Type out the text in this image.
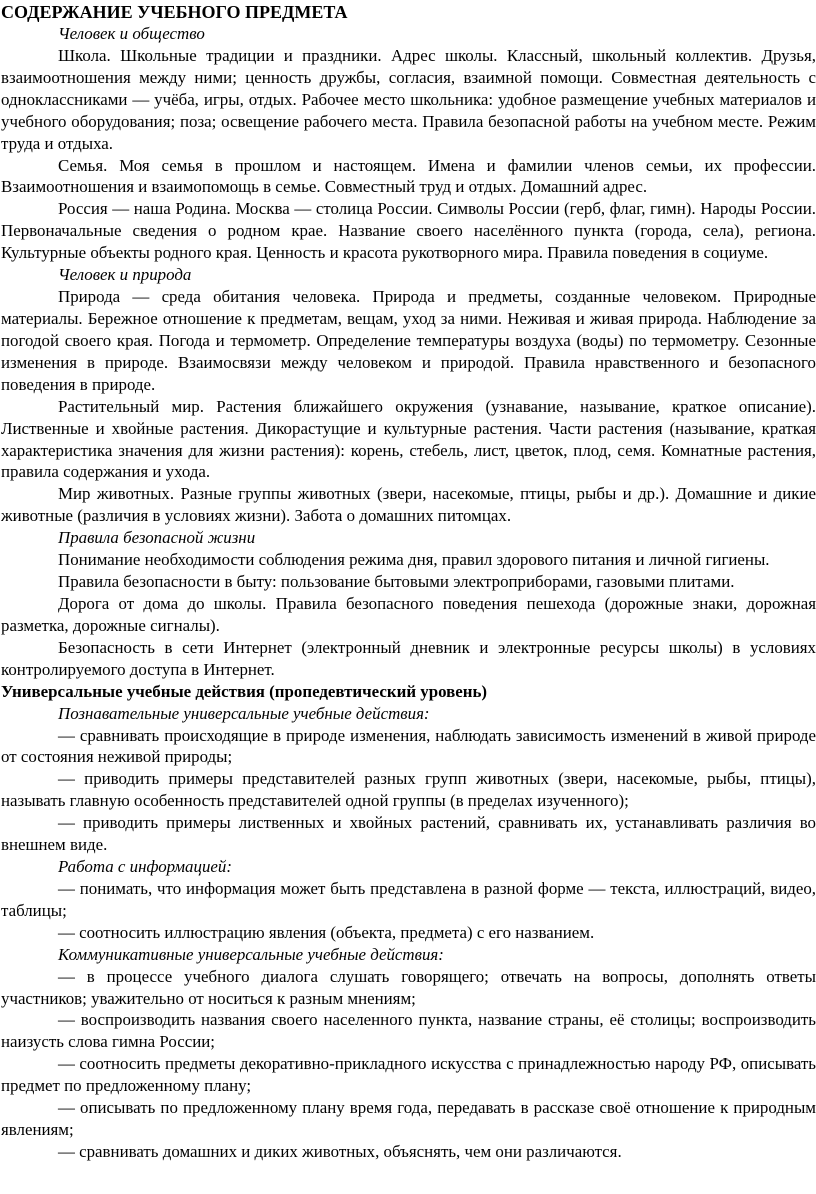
СОДЕРЖАНИЕ УЧЕБНОГО ПРЕДМЕТА

Человек и общество

Школа. Школьные традиции и праздники. Адрес школы. Классный, школьный коллектив. Друзья, взаимоотношения между ними; ценность дружбы, согласия, взаимной помощи. Совместная деятельность с одноклассниками — учёба, игры, отдых. Рабочее место школьника: удобное размещение учебных материалов и учебного оборудования; поза; освещение рабочего места. Правила безопасной работы на учебном месте. Режим труда и отдыха.

Семья. Моя семья в прошлом и настоящем. Имена и фамилии членов семьи, их профессии. Взаимоотношения и взаимопомощь в семье. Совместный труд и отдых. Домашний адрес.

Россия — наша Родина. Москва — столица России. Символы России (герб, флаг, гимн). Народы России. Первоначальные сведения о родном крае. Название своего населённого пункта (города, села), региона. Культурные объекты родного края. Ценность и красота рукотворного мира. Правила поведения в социуме.

Человек и природа

Природа — среда обитания человека. Природа и предметы, созданные человеком. Природные материалы. Бережное отношение к предметам, вещам, уход за ними. Неживая и живая природа. Наблюдение за погодой своего края. Погода и термометр. Определение температуры воздуха (воды) по термометру. Сезонные изменения в природе. Взаимосвязи между человеком и природой. Правила нравственного и безопасного поведения в природе.

Растительный мир. Растения ближайшего окружения (узнавание, называние, краткое описание). Лиственные и хвойные растения. Дикорастущие и культурные растения. Части растения (называние, краткая характеристика значения для жизни растения): корень, стебель, лист, цветок, плод, семя. Комнатные растения, правила содержания и ухода.

Мир животных. Разные группы животных (звери, насекомые, птицы, рыбы и др.). Домашние и дикие животные (различия в условиях жизни). Забота о домашних питомцах.

Правила безопасной жизни

Понимание необходимости соблюдения режима дня, правил здорового питания и личной гигиены.

Правила безопасности в быту: пользование бытовыми электроприборами, газовыми плитами.

Дорога от дома до школы. Правила безопасного поведения пешехода (дорожные знаки, дорожная разметка, дорожные сигналы).

Безопасность в сети Интернет (электронный дневник и электронные ресурсы школы) в условиях контролируемого доступа в Интернет.

Универсальные учебные действия (пропедевтический уровень)

Познавательные универсальные учебные действия:

— сравнивать происходящие в природе изменения, наблюдать зависимость изменений в живой природе от состояния неживой природы;

— приводить примеры представителей разных групп животных (звери, насекомые, рыбы, птицы), называть главную особенность представителей одной группы (в пределах изученного);

— приводить примеры лиственных и хвойных растений, сравнивать их, устанавливать различия во внешнем виде.

Работа с информацией:

— понимать, что информация может быть представлена в разной форме — текста, иллюстраций, видео, таблицы;

— соотносить иллюстрацию явления (объекта, предмета) с его названием.

Коммуникативные универсальные учебные действия:

— в процессе учебного диалога слушать говорящего; отвечать на вопросы, дополнять ответы участников; уважительно от носиться к разным мнениям;

— воспроизводить названия своего населенного пункта, название страны, её столицы; воспроизводить наизусть слова гимна России;

— соотносить предметы декоративно-прикладного искусства с принадлежностью народу РФ, описывать предмет по предложенному плану;

— описывать по предложенному плану время года, передавать в рассказе своё отношение к природным явлениям;

— сравнивать домашних и диких животных, объяснять, чем они различаются.
